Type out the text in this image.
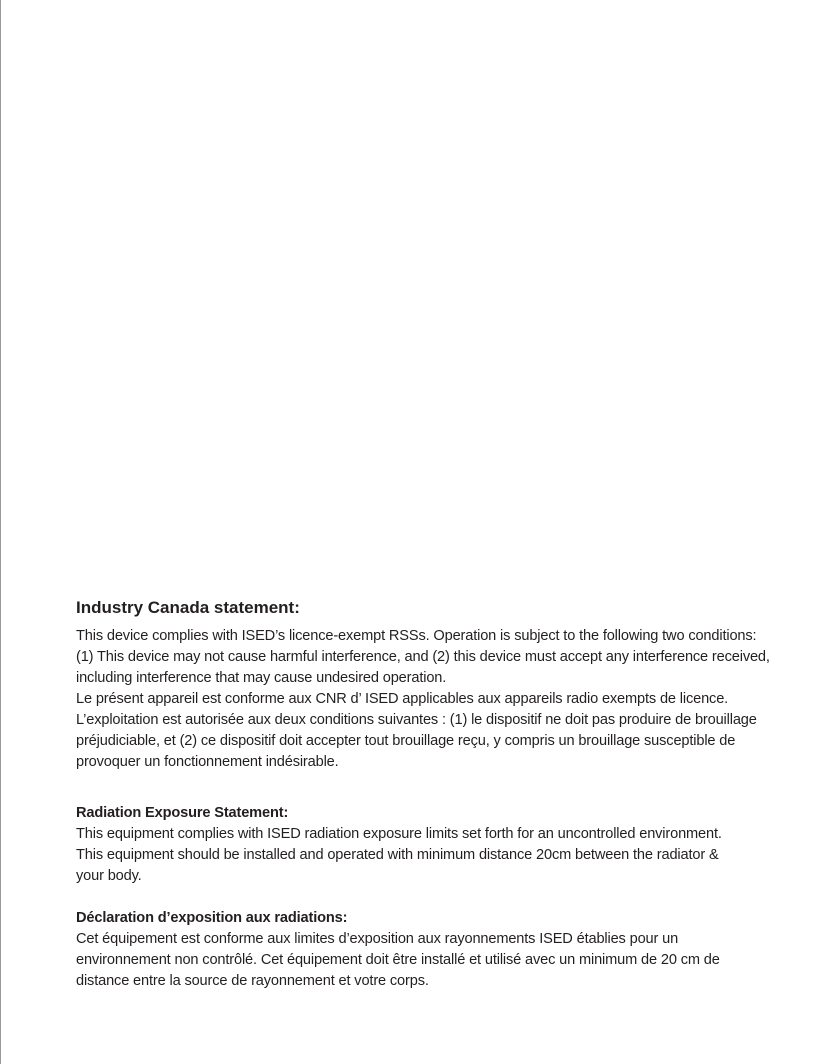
Industry Canada statement:
This device complies with ISED’s licence-exempt RSSs. Operation is subject to the following two conditions:
(1) This device may not cause harmful interference, and (2) this device must accept any interference received,
including interference that may cause undesired operation.
Le présent appareil est conforme aux CNR d’ ISED applicables aux appareils radio exempts de licence.
L’exploitation est autorisée aux deux conditions suivantes : (1) le dispositif ne doit pas produire de brouillage
préjudiciable, et (2) ce dispositif doit accepter tout brouillage reçu, y compris un brouillage susceptible de
provoquer un fonctionnement indésirable.
Radiation Exposure Statement:
This equipment complies with ISED radiation exposure limits set forth for an uncontrolled environment.
This equipment should be installed and operated with minimum distance 20cm between the radiator &
your body.
Déclaration d’exposition aux radiations:
Cet équipement est conforme aux limites d’exposition aux rayonnements ISED établies pour un
environnement non contrôlé. Cet équipement doit être installé et utilisé avec un minimum de 20 cm de
distance entre la source de rayonnement et votre corps.
